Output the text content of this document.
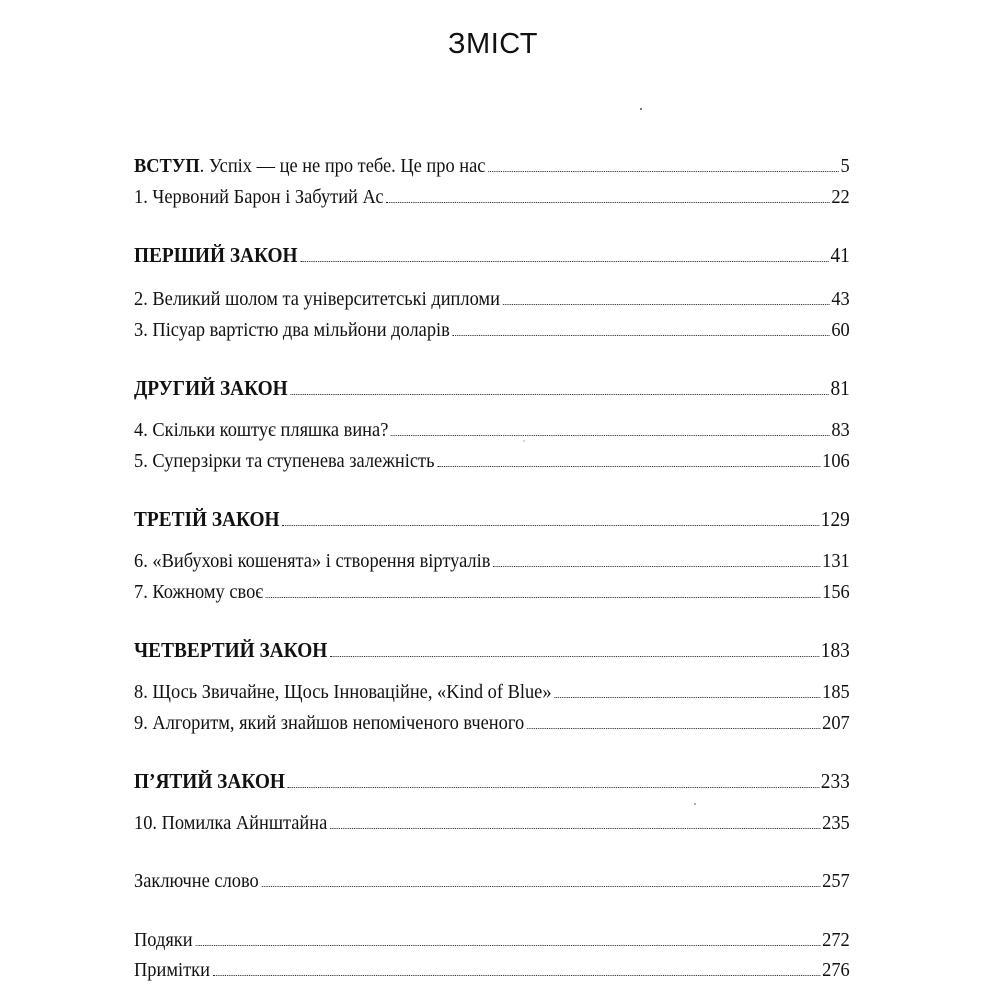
ЗМІСТ
ВСТУП. Успіх — це не про тебе. Це про нас	5
1. Червоний Барон і Забутий Ас	22
ПЕРШИЙ ЗАКОН	41
2. Великий шолом та університетські дипломи	43
3. Пісуар вартістю два мільйони доларів	60
ДРУГИЙ ЗАКОН	81
4. Скільки коштує пляшка вина?	83
5. Суперзірки та ступенева залежність	106
ТРЕТІЙ ЗАКОН	129
6. «Вибухові кошенята» і створення віртуалів	131
7. Кожному своє	156
ЧЕТВЕРТИЙ ЗАКОН	183
8. Щось Звичайне, Щось Інноваційне, «Kind of Blue»	185
9. Алгоритм, який знайшов непоміченого вченого	207
П’ЯТИЙ ЗАКОН	233
10. Помилка Айнштайна	235
Заключне слово	257
Подяки	272
Примітки	276
